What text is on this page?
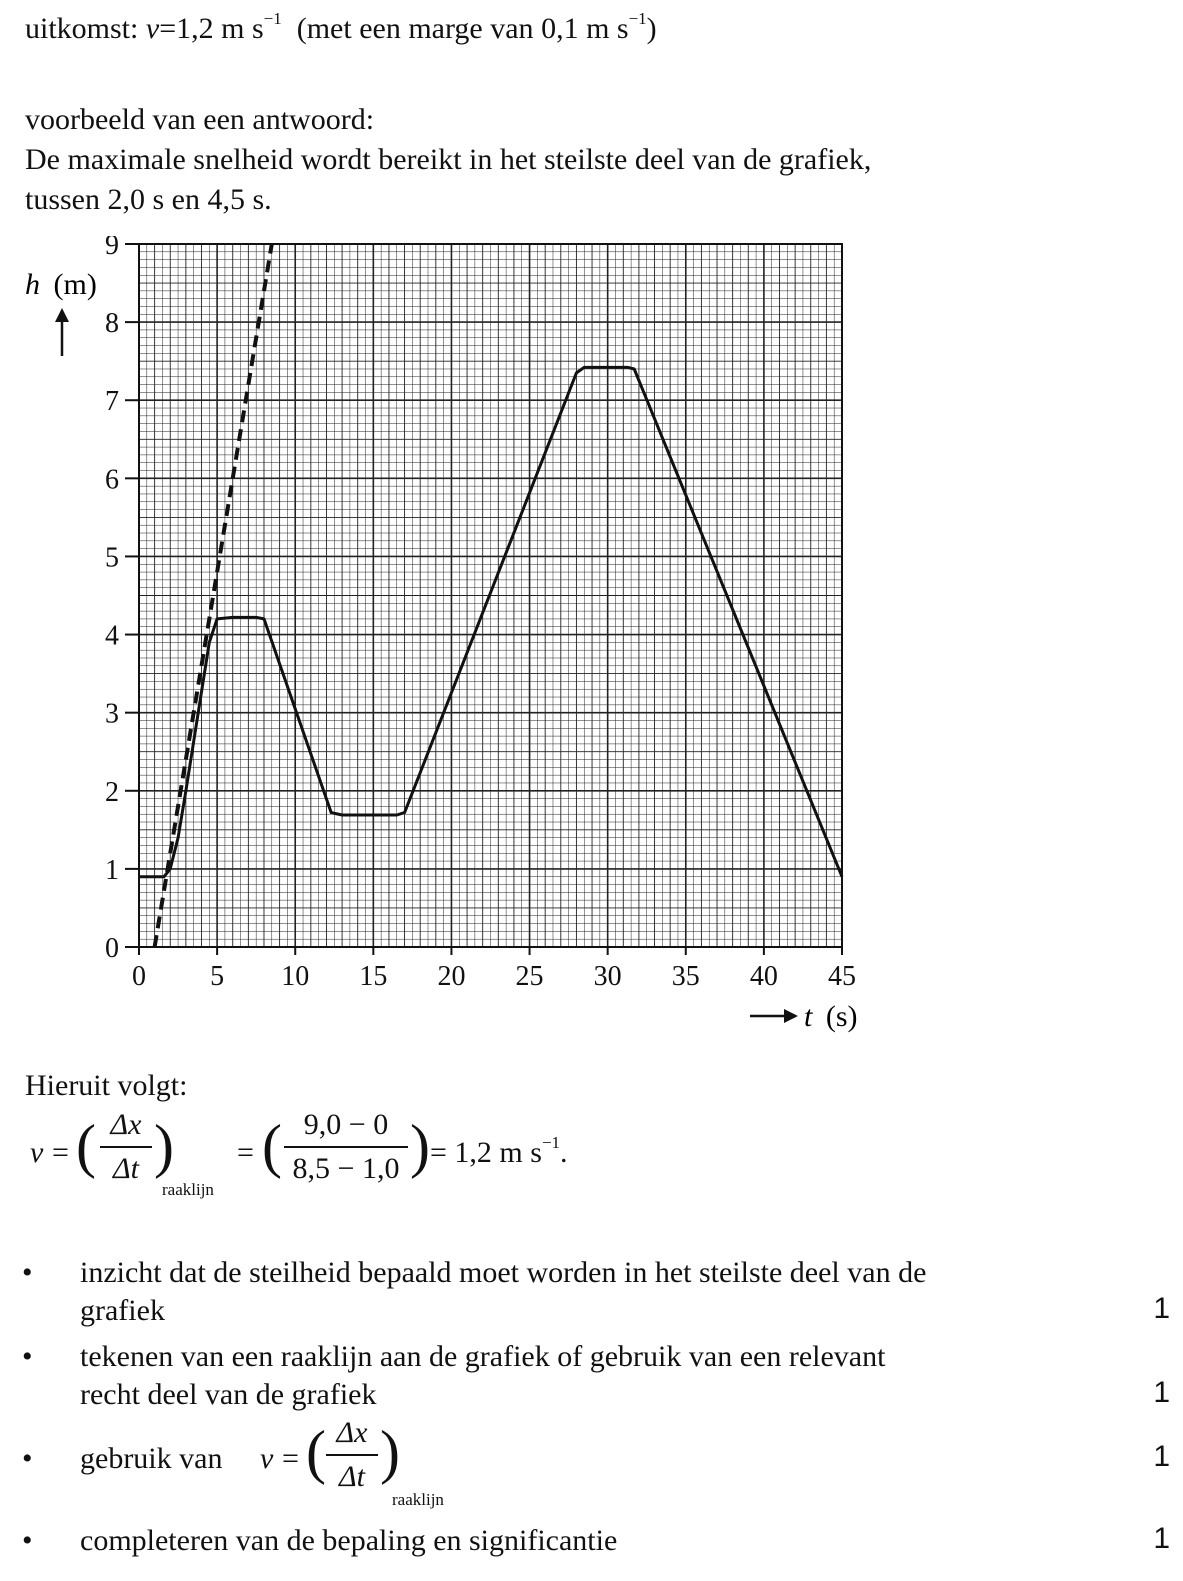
uitkomst: v=1,2 m $s^{-1}$ (met een marge van 0,1 m $s^{-1}$)
voorbeeld van een antwoord:
De maximale snelheid wordt bereikt in het steilste deel van de grafiek,
tussen 2,0 s en 4,5 s.
0 5 10 15 20 25 30 35 40 45
0
1
2
3
4
5
6
7
8
9
h (m)
t (s)
Hieruit volgt:
v = ( Δx
Δt )
raaklijn
= ( 9,0 − 0
8,5 − 1,0 ) = 1,2 m $s^{-1}$.
• inzicht dat de steilheid bepaald moet worden in het steilste deel van de
grafiek	1
• tekenen van een raaklijn aan de grafiek of gebruik van een relevant
recht deel van de grafiek	1
• gebruik van v = ( Δx
Δt )
raaklijn
1
• completeren van de bepaling en significantie	1
